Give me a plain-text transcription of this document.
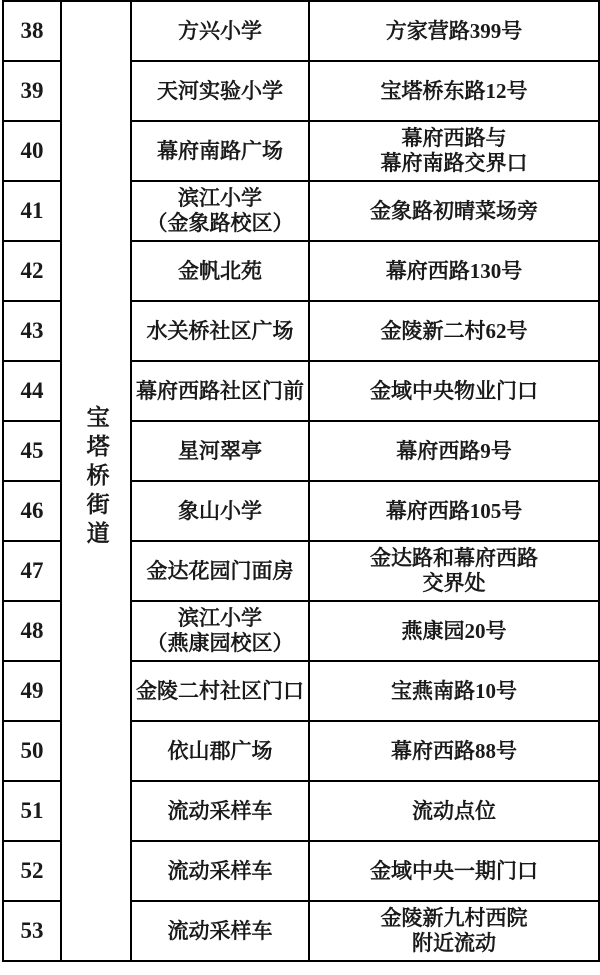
38	宝塔桥街道	方兴小学	方家营路399号

39		天河实验小学	宝塔桥东路12号

40		幕府南路广场	幕府西路与
幕府南路交界口

41		滨江小学
（金象路校区）	金象路初晴菜场旁

42		金帆北苑	幕府西路130号

43		水关桥社区广场	金陵新二村62号

44		幕府西路社区门前	金域中央物业门口

45		星河翠亭	幕府西路9号

46		象山小学	幕府西路105号

47		金达花园门面房	金达路和幕府西路
交界处

48		滨江小学
（燕康园校区）	燕康园20号

49		金陵二村社区门口	宝燕南路10号

50		依山郡广场	幕府西路88号

51		流动采样车	流动点位

52		流动采样车	金域中央一期门口

53		流动采样车	金陵新九村西院
附近流动
